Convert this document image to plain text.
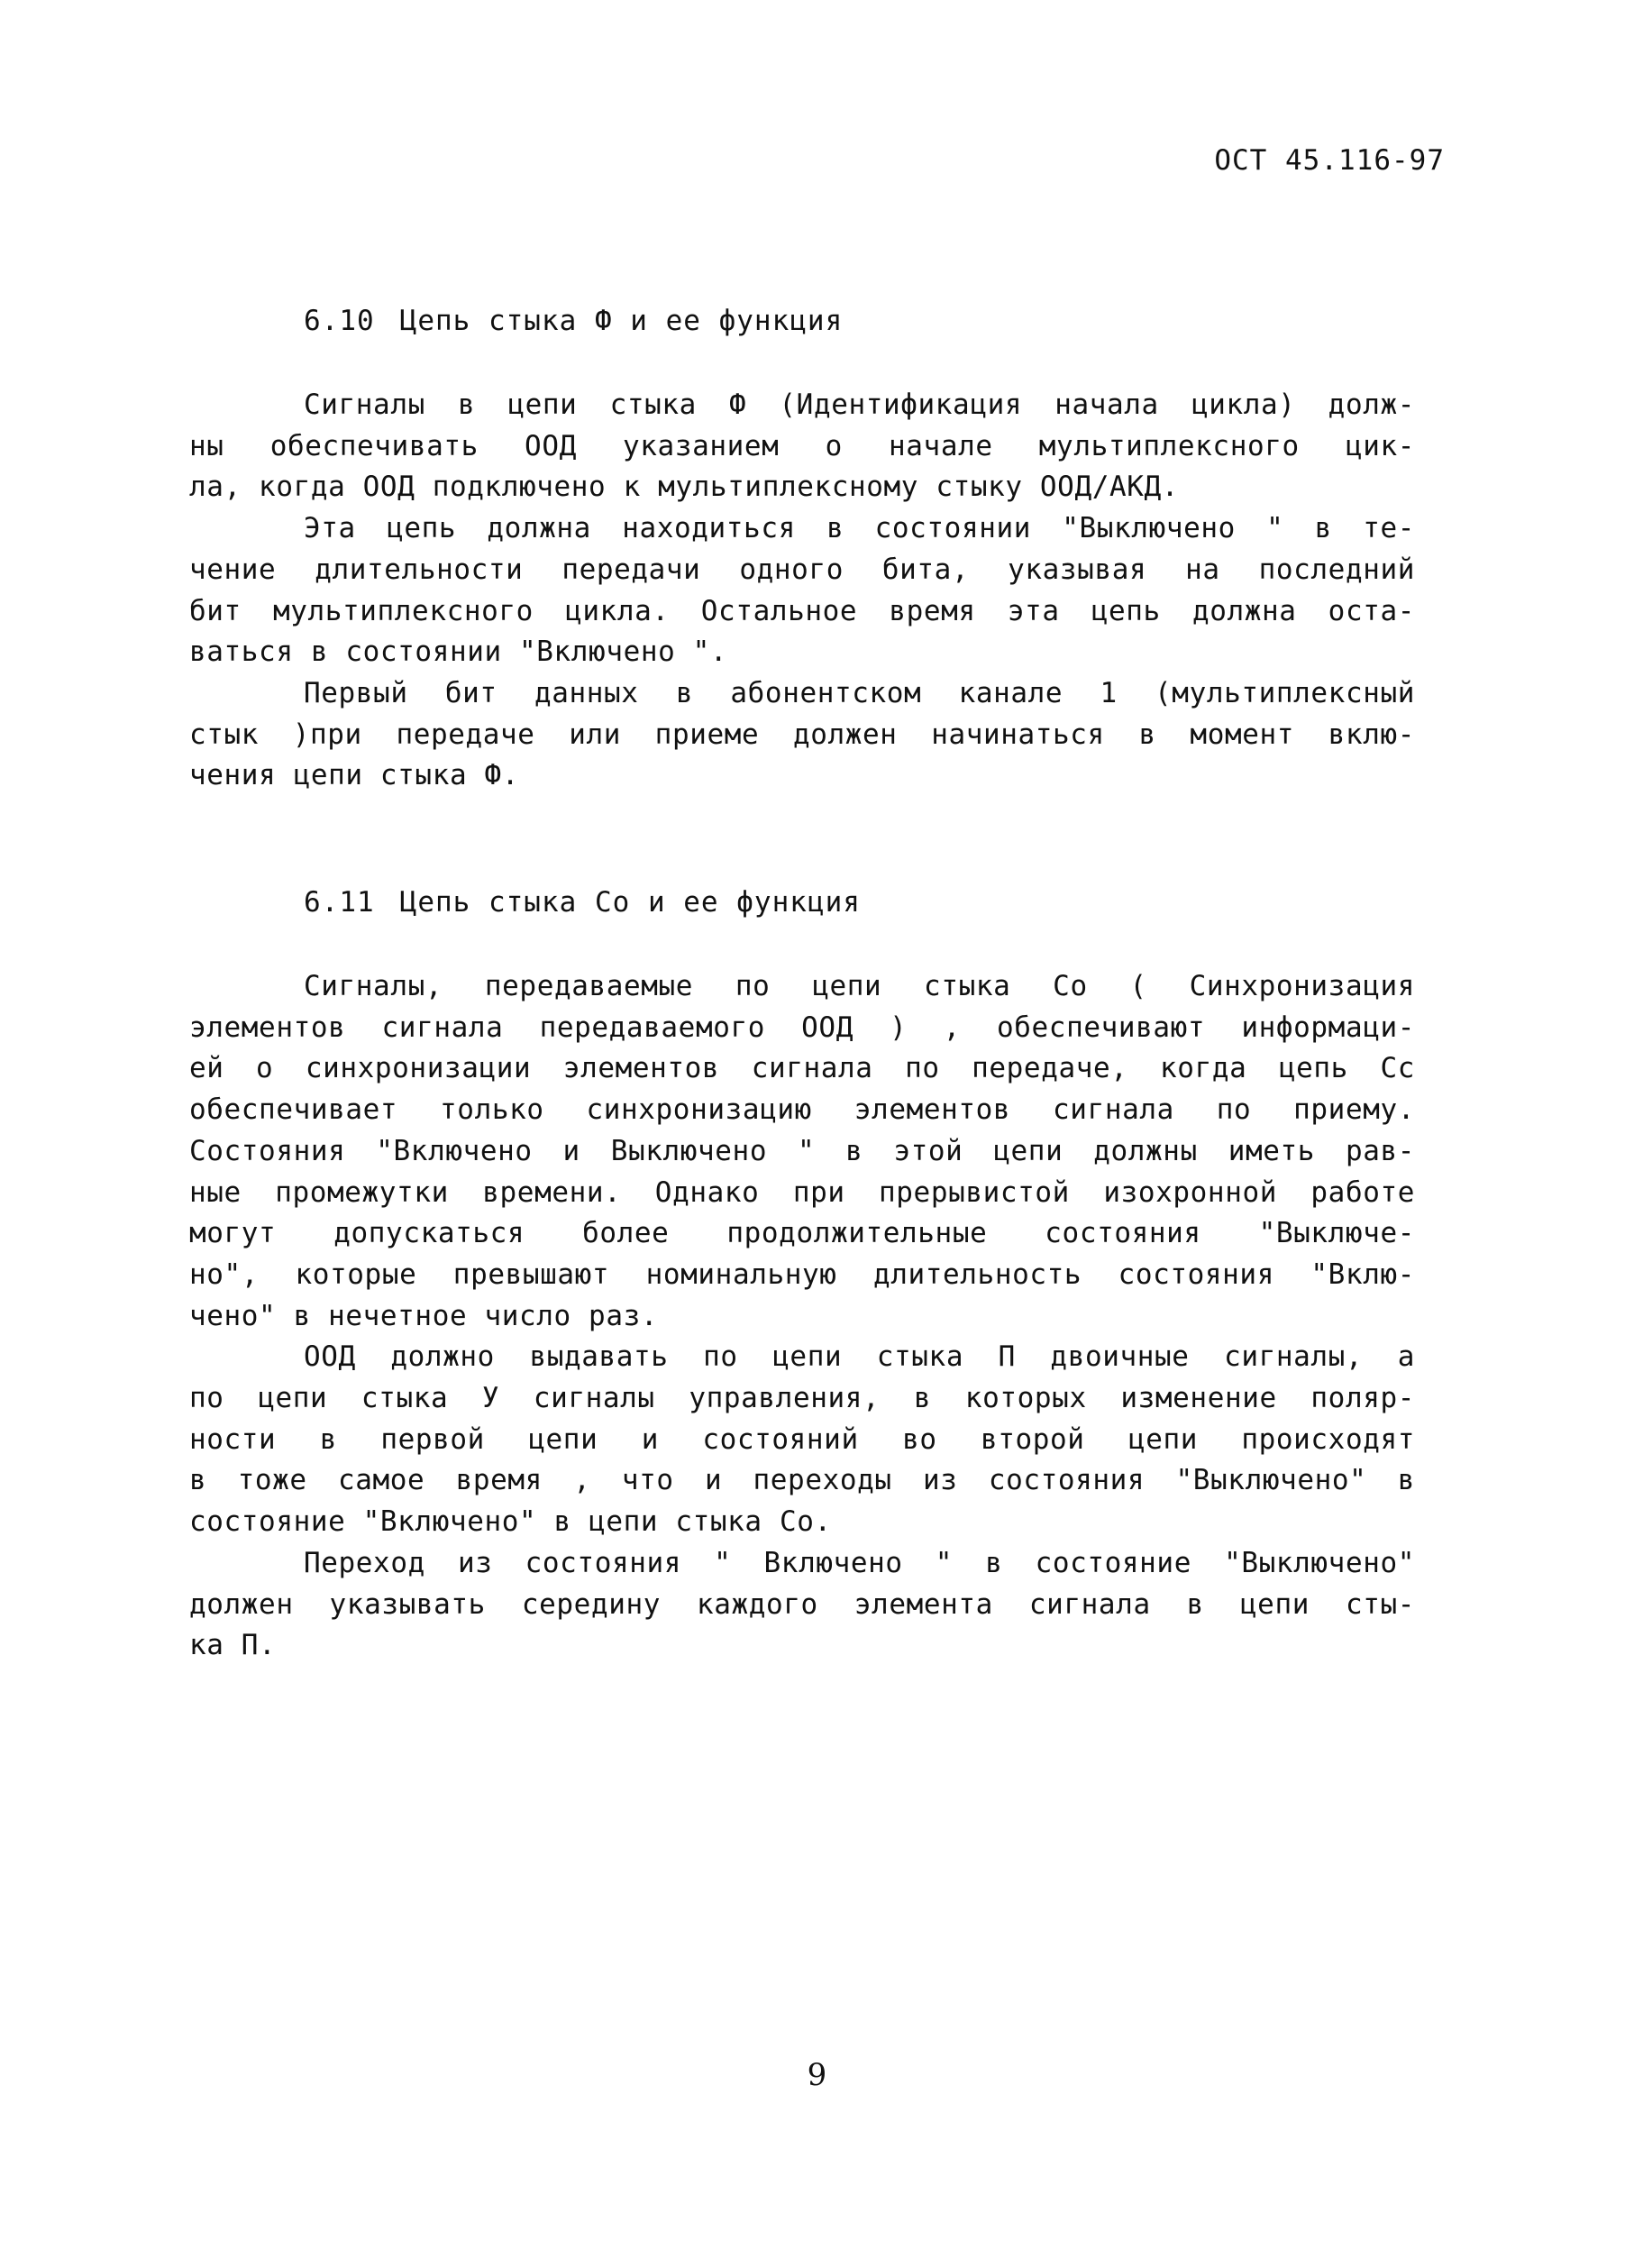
ОСТ 45.116-97
6.10 Цепь стыка Ф и ее функция
Сигналы в цепи стыка Ф (Идентификация начала цикла) долж-
ны обеспечивать ООД указанием о начале мультиплексного цик-
ла, когда ООД подключено к мультиплексному стыку ООД/АКД.
Эта цепь должна находиться в состоянии "Выключено " в те-
чение длительности передачи одного бита, указывая на последний
бит мультиплексного цикла. Остальное время эта цепь должна оста-
ваться в состоянии "Включено ".
Первый бит данных в абонентском канале 1 (мультиплексный
стык )при передаче или приеме должен начинаться в момент вклю-
чения цепи стыка Ф.
6.11 Цепь стыка Со и ее функция
Сигналы, передаваемые по цепи стыка Со ( Синхронизация
элементов сигнала передаваемого ООД ) , обеспечивают информаци-
ей о синхронизации элементов сигнала по передаче, когда цепь Сс
обеспечивает только синхронизацию элементов сигнала по приему.
Состояния "Включено и Выключено " в этой цепи должны иметь рав-
ные промежутки времени. Однако при прерывистой изохронной работе
могут допускаться более продолжительные состояния "Выключе-
но", которые превышают номинальную длительность состояния "Вклю-
чено" в нечетное число раз.
ООД должно выдавать по цепи стыка П двоичные сигналы, а
по цепи стыка У сигналы управления, в которых изменение поляр-
ности в первой цепи и состояний во второй цепи происходят
в тоже самое время , что и переходы из состояния "Выключено" в
состояние "Включено" в цепи стыка Со.
Переход из состояния " Включено " в состояние "Выключено"
должен указывать середину каждого элемента сигнала в цепи сты-
ка П.
9
